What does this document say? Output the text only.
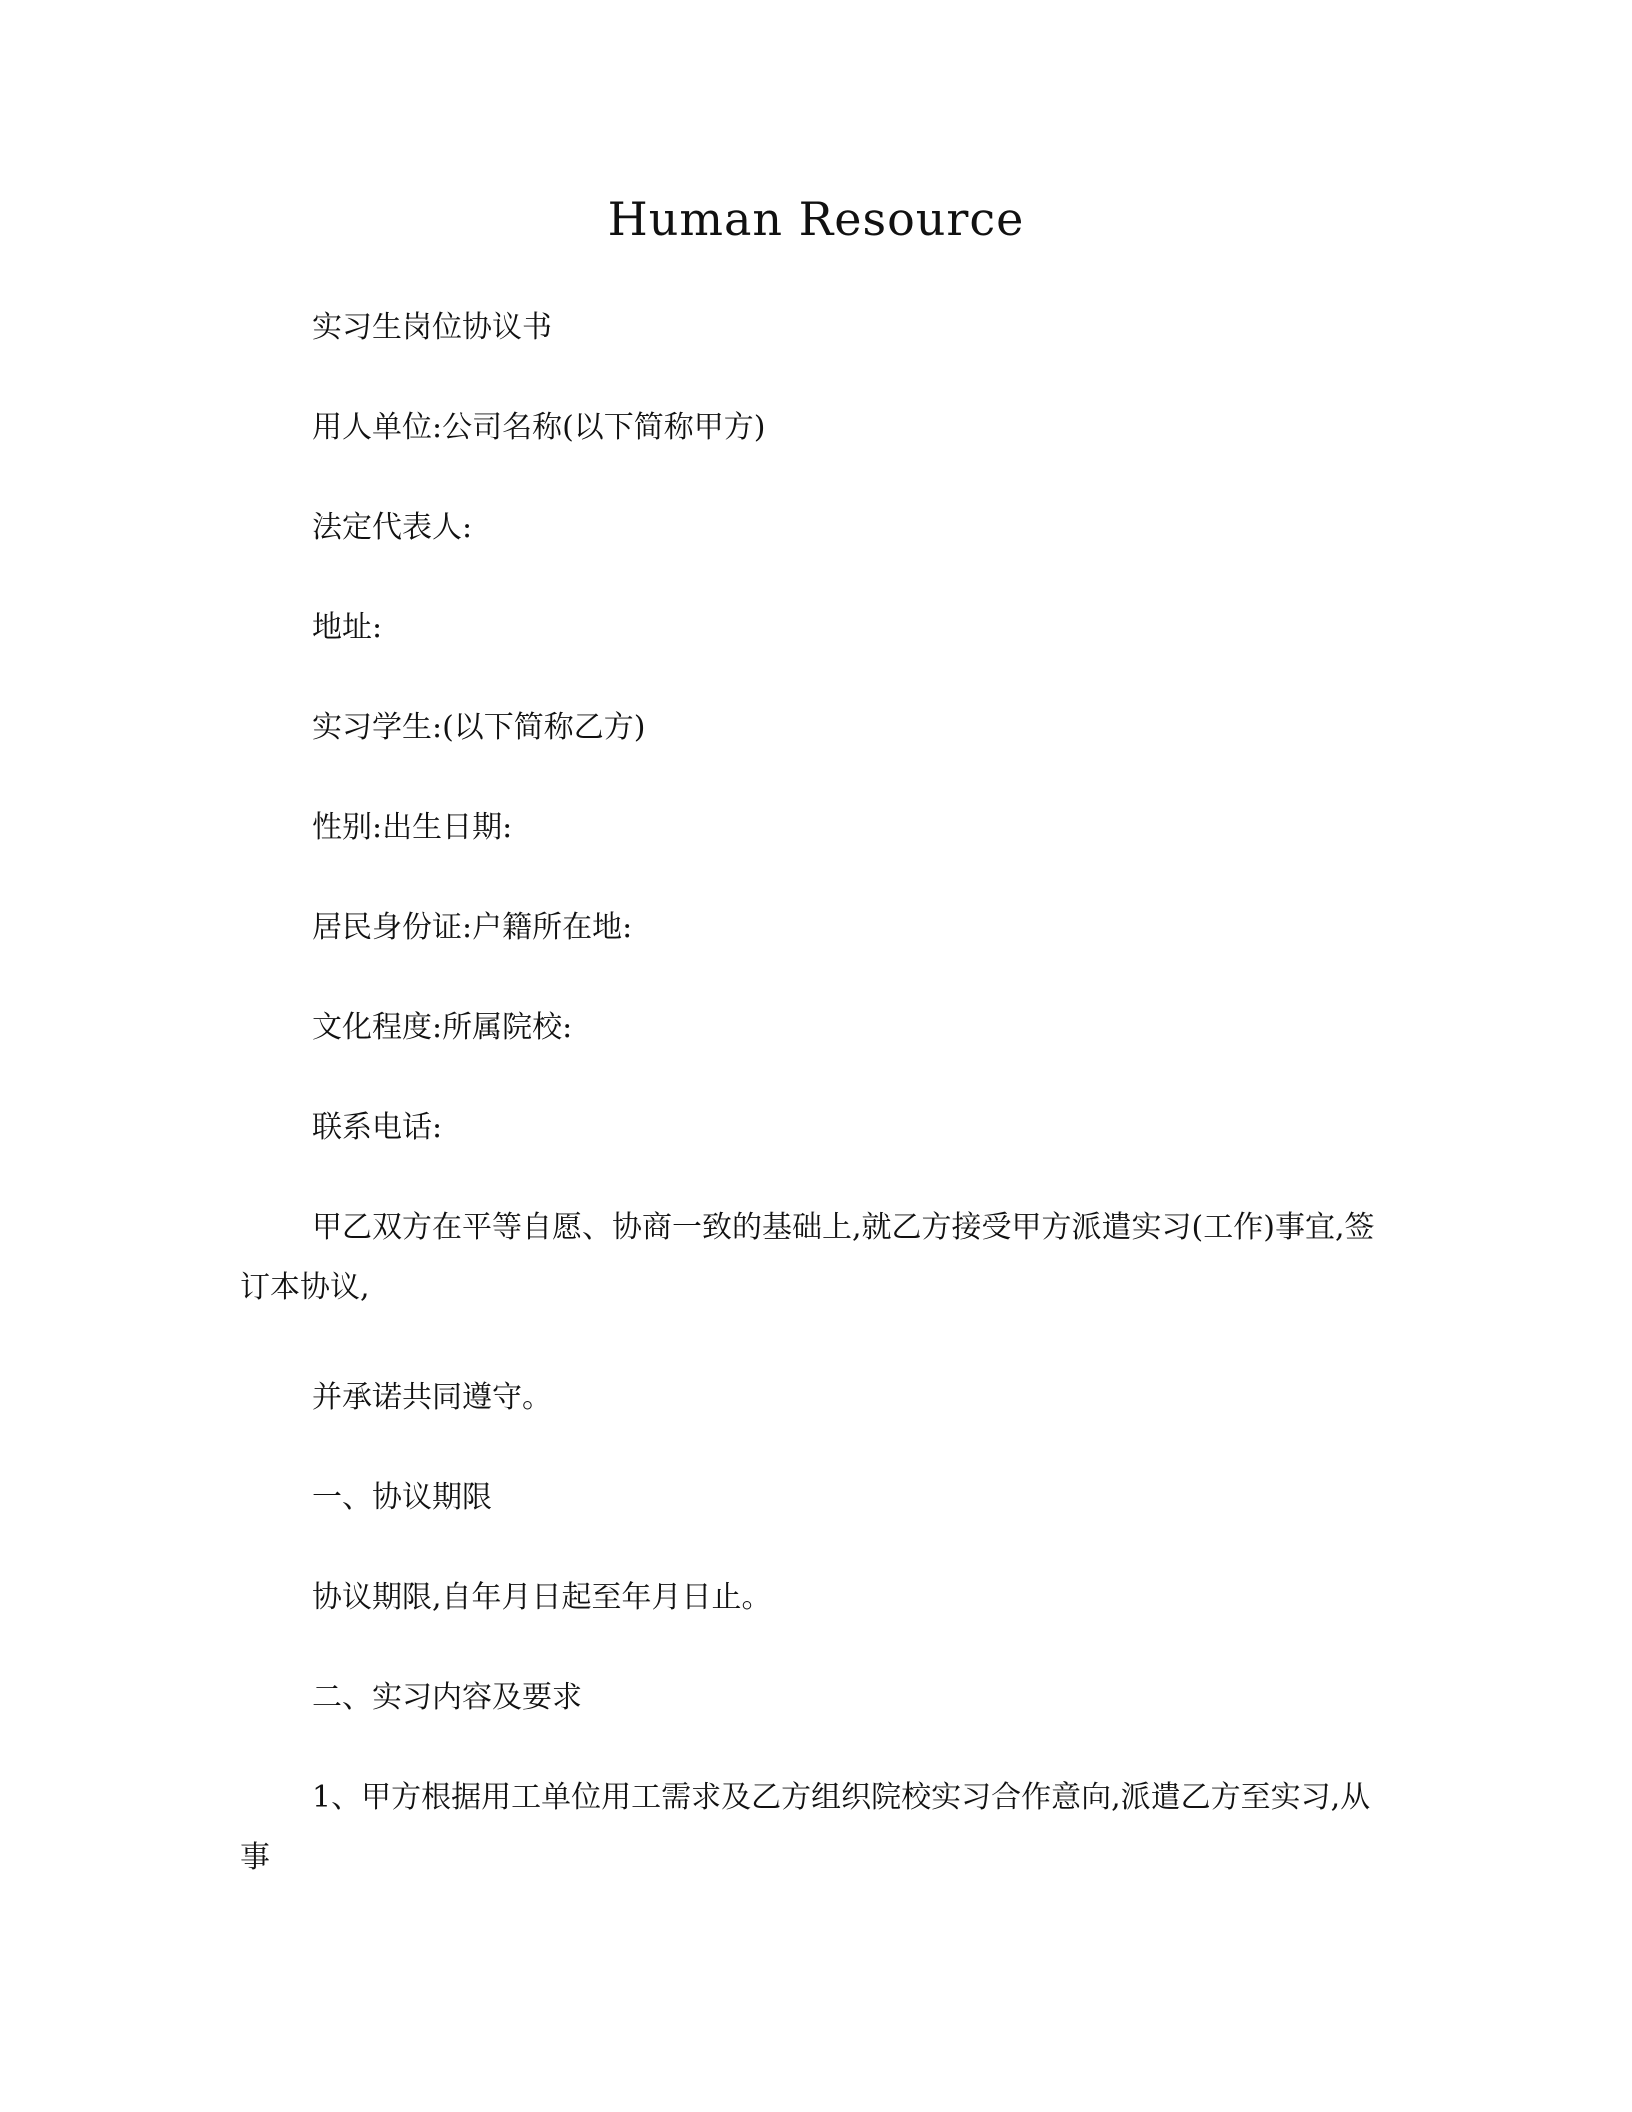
Human Resource

实习生岗位协议书

用人单位:公司名称(以下简称甲方)

法定代表人:

地址:

实习学生:(以下简称乙方)

性别:出生日期:

居民身份证:户籍所在地:

文化程度:所属院校:

联系电话:

甲乙双方在平等自愿、协商一致的基础上,就乙方接受甲方派遣实习(工作)事宜,签订本协议,

并承诺共同遵守。

一、协议期限

协议期限,自年月日起至年月日止。

二、实习内容及要求

1、甲方根据用工单位用工需求及乙方组织院校实习合作意向,派遣乙方至实习,从事
